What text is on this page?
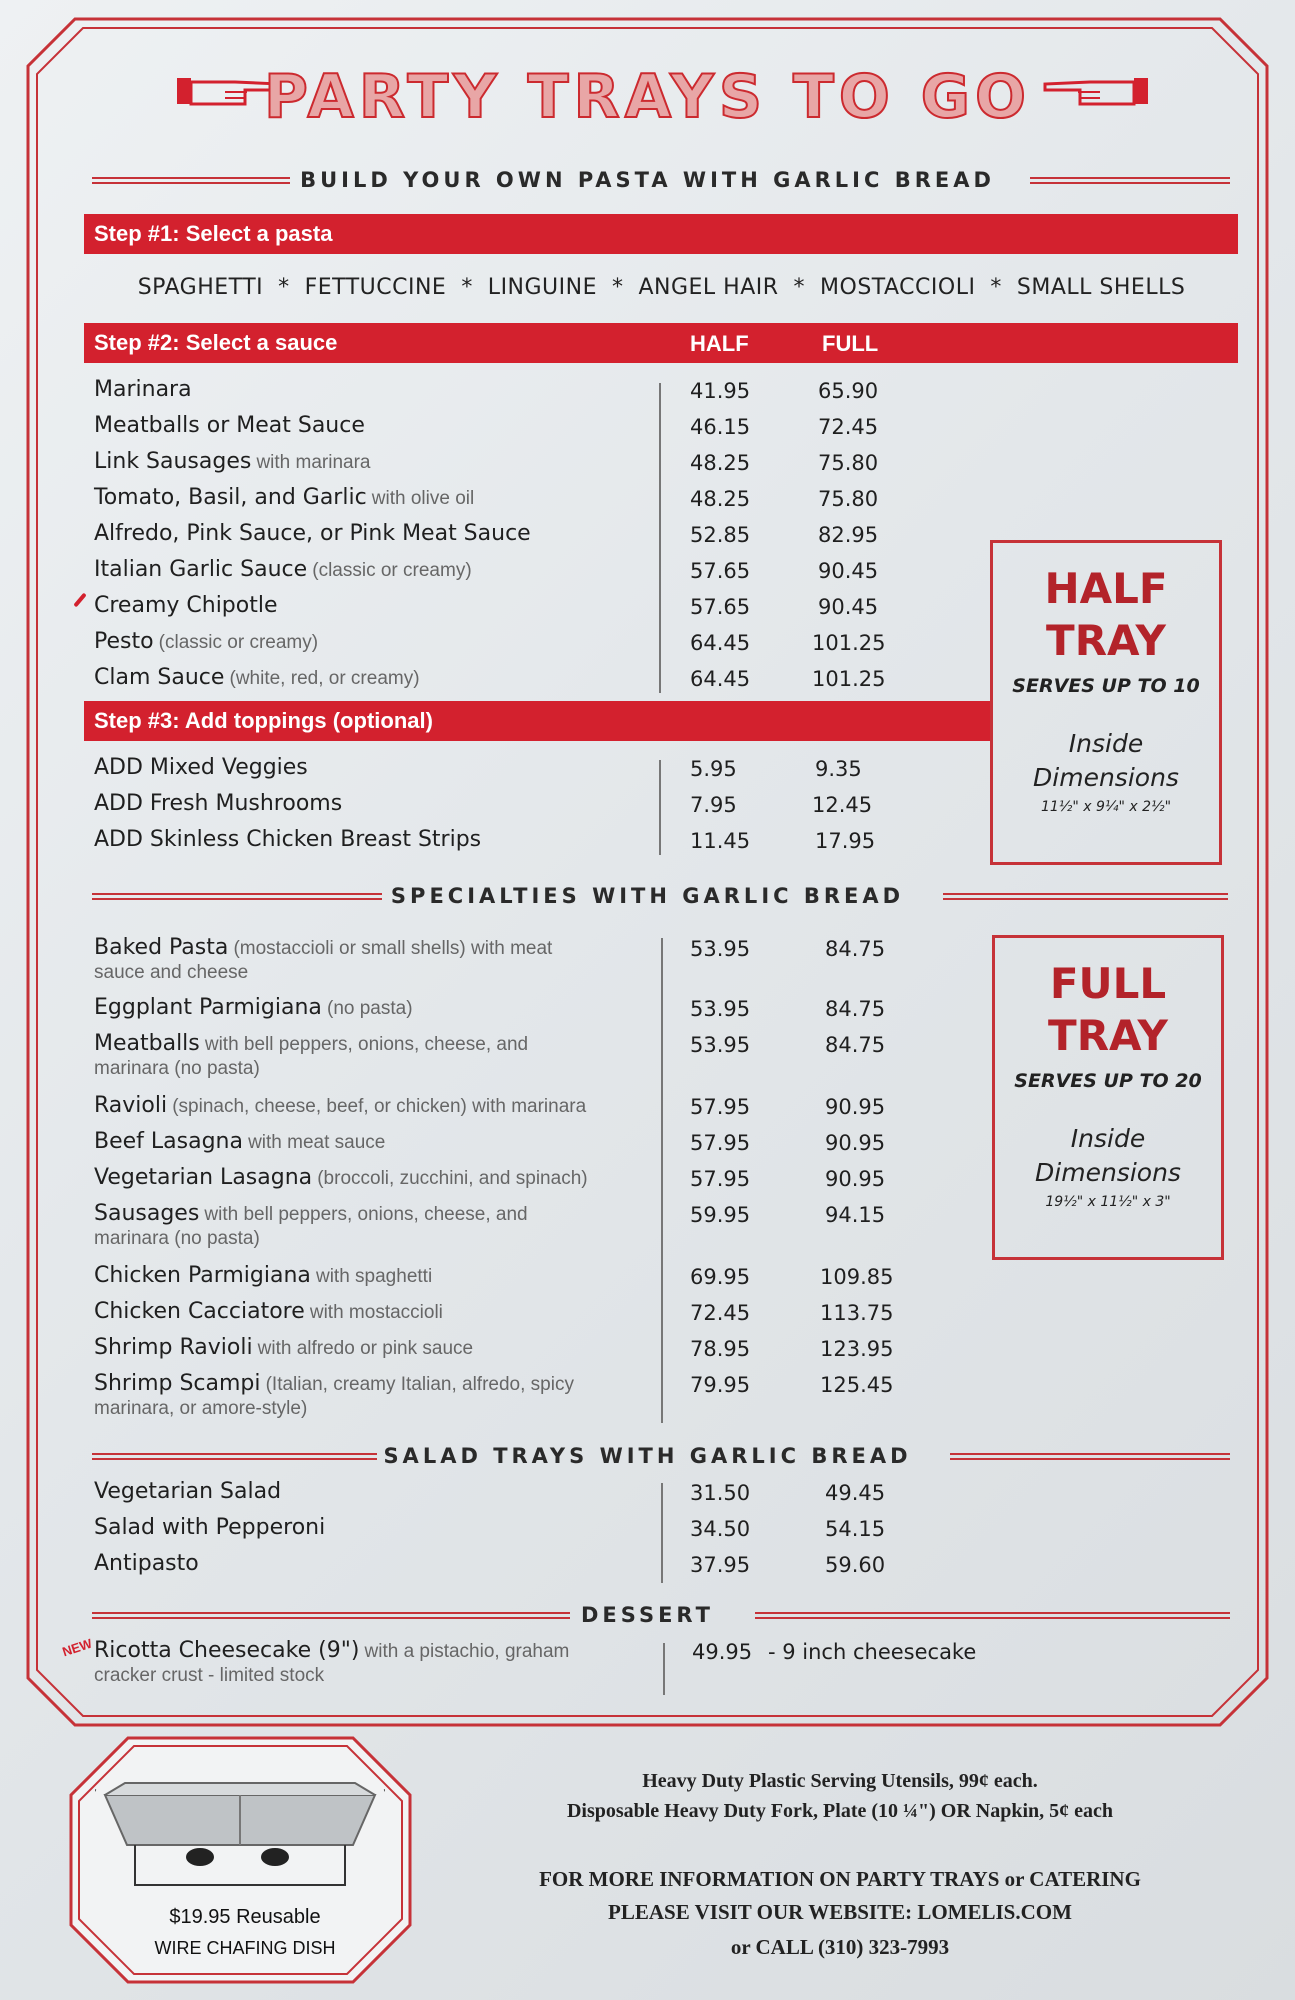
PARTY TRAYS TO GO
BUILD YOUR OWN PASTA WITH GARLIC BREAD
Step #1: Select a pasta
SPAGHETTI  *  FETTUCCINE  *  LINGUINE  *  ANGEL HAIR  *  MOSTACCIOLI  *  SMALL SHELLS
Step #2: Select a sauce	HALF	FULL
Marinara	41.95	65.90
Meatballs or Meat Sauce	46.15	72.45
Link Sausages with marinara	48.25	75.80
Tomato, Basil, and Garlic with olive oil	48.25	75.80
Alfredo, Pink Sauce, or Pink Meat Sauce	52.85	82.95
Italian Garlic Sauce (classic or creamy)	57.65	90.45
Creamy Chipotle	57.65	90.45
Pesto (classic or creamy)	64.45	101.25
Clam Sauce (white, red, or creamy)	64.45	101.25
Step #3: Add toppings (optional)
ADD Mixed Veggies	5.95	9.35
ADD Fresh Mushrooms	7.95	12.45
ADD Skinless Chicken Breast Strips	11.45	17.95
HALF
TRAY
SERVES UP TO 10
Inside
Dimensions
11½" x 9¼" x 2½"
SPECIALTIES WITH GARLIC BREAD
Baked Pasta (mostaccioli or small shells) with meat
sauce and cheese
53.95	84.75
Eggplant Parmigiana (no pasta)	53.95	84.75
Meatballs with bell peppers, onions, cheese, and
marinara (no pasta)
53.95	84.75
Ravioli (spinach, cheese, beef, or chicken) with marinara	57.95	90.95
Beef Lasagna with meat sauce	57.95	90.95
Vegetarian Lasagna (broccoli, zucchini, and spinach)	57.95	90.95
Sausages with bell peppers, onions, cheese, and
marinara (no pasta)
59.95	94.15
Chicken Parmigiana with spaghetti	69.95	109.85
Chicken Cacciatore with mostaccioli	72.45	113.75
Shrimp Ravioli with alfredo or pink sauce	78.95	123.95
Shrimp Scampi (Italian, creamy Italian, alfredo, spicy
marinara, or amore-style)
79.95	125.45
FULL
TRAY
SERVES UP TO 20
Inside
Dimensions
19½" x 11½" x 3"
SALAD TRAYS WITH GARLIC BREAD
Vegetarian Salad	31.50	49.45
Salad with Pepperoni	34.50	54.15
Antipasto	37.95	59.60
DESSERT
NEW Ricotta Cheesecake (9") with a pistachio, graham
cracker crust - limited stock
49.95 - 9 inch cheesecake
$19.95 Reusable
WIRE CHAFING DISH
Heavy Duty Plastic Serving Utensils, 99¢ each.
Disposable Heavy Duty Fork, Plate (10 ¼") OR Napkin, 5¢ each
FOR MORE INFORMATION ON PARTY TRAYS or CATERING
PLEASE VISIT OUR WEBSITE: LOMELIS.COM
or CALL (310) 323-7993
